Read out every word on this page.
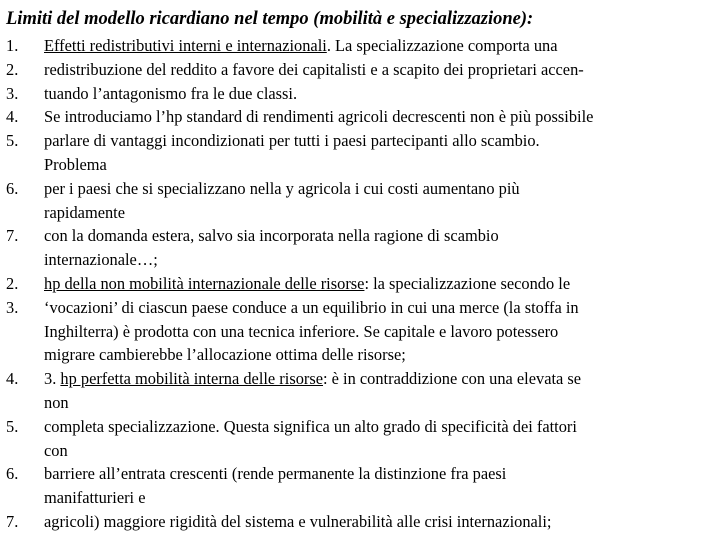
Limiti del modello ricardiano nel tempo (mobilità e specializzazione):
1. Effetti redistributivi interni e internazionali. La specializzazione comporta una
2. redistribuzione del reddito a favore dei capitalisti e a scapito dei proprietari accen-
3. tuando l’antagonismo fra le due classi.
4. Se introduciamo l’hp standard di rendimenti agricoli decrescenti non è più possibile
5. parlare di vantaggi incondizionati per tutti i paesi partecipanti allo scambio.
Problema
6. per i paesi che si specializzano nella y agricola i cui costi aumentano più
rapidamente
7. con la domanda estera, salvo sia incorporata nella ragione di scambio
internazionale…;
2. hp della non mobilità internazionale delle risorse: la specializzazione secondo le
3. ‘vocazioni’ di ciascun paese conduce a un equilibrio in cui una merce (la stoffa in
Inghilterra) è prodotta con una tecnica inferiore. Se capitale e lavoro potessero
migrare cambierebbe l’allocazione ottima delle risorse;
4. 3. hp perfetta mobilità interna delle risorse: è in contraddizione con una elevata se
non
5. completa specializzazione. Questa significa un alto grado di specificità dei fattori
con
6. barriere all’entrata crescenti (rende permanente la distinzione fra paesi
manifatturieri e
7. agricoli) maggiore rigidità del sistema e vulnerabilità alle crisi internazionali;
